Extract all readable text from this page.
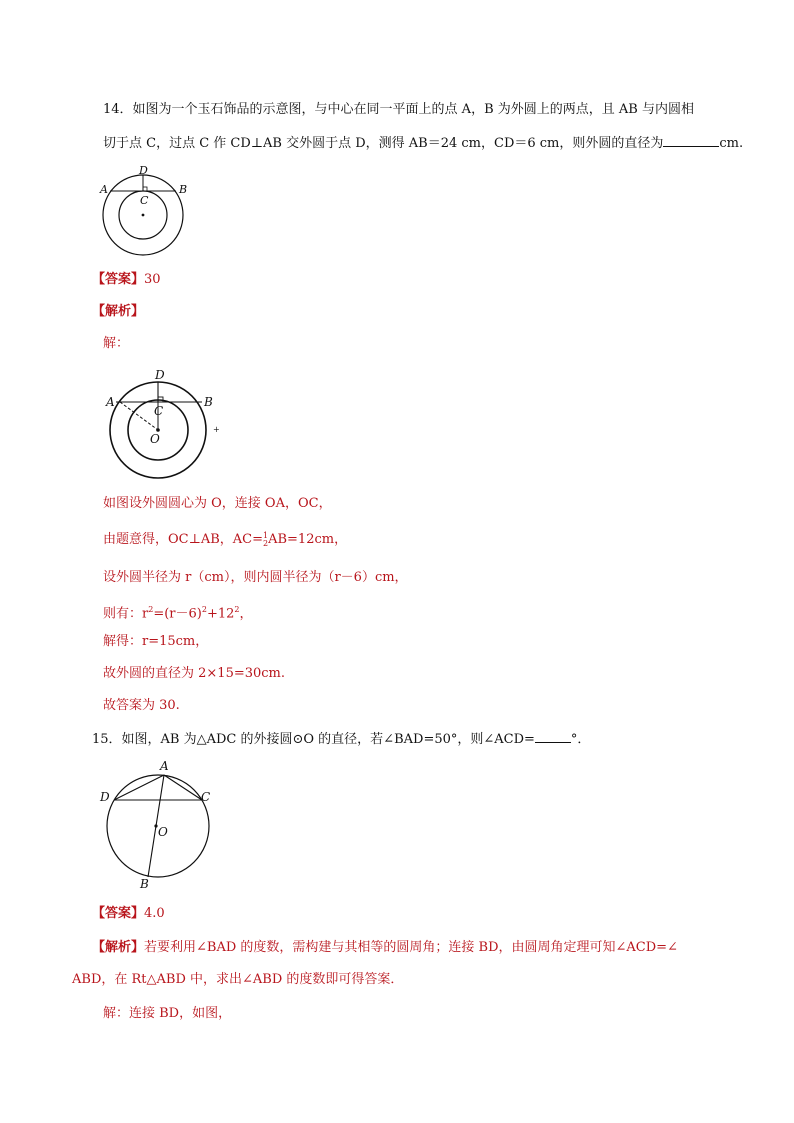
14．如图为一个玉石饰品的示意图，与中心在同一平面上的点 A，B 为外圆上的两点，且 AB 与内圆相
切于点 C，过点 C 作 CD⊥AB 交外圆于点 D，测得 AB＝24 cm，CD＝6 cm，则外圆的直径为	cm.
A	B
D
C
【答案】30
【解析】
解：
A	B
D
C
O
+
如图设外圆圆心为 O，连接 OA，OC，
由题意得，OC⊥AB，AC= 1
2 AB=12cm，
设外圆半径为 r（cm），则内圆半径为（r－6）cm，
则有：$r^2=(r-6)^2+12^2$，
解得：r=15cm，
故外圆的直径为 2×15=30cm.
故答案为 30.
15．如图，AB 为△ADC 的外接圆⊙O 的直径，若∠BAD=50°，则∠ACD=	°．
A
D	C
O
B
【答案】4.0
【解析】若要利用∠BAD 的度数，需构建与其相等的圆周角；连接 BD，由圆周角定理可知∠ACD=∠
ABD，在 Rt△ABD 中，求出∠ABD 的度数即可得答案．
解：连接 BD，如图，
